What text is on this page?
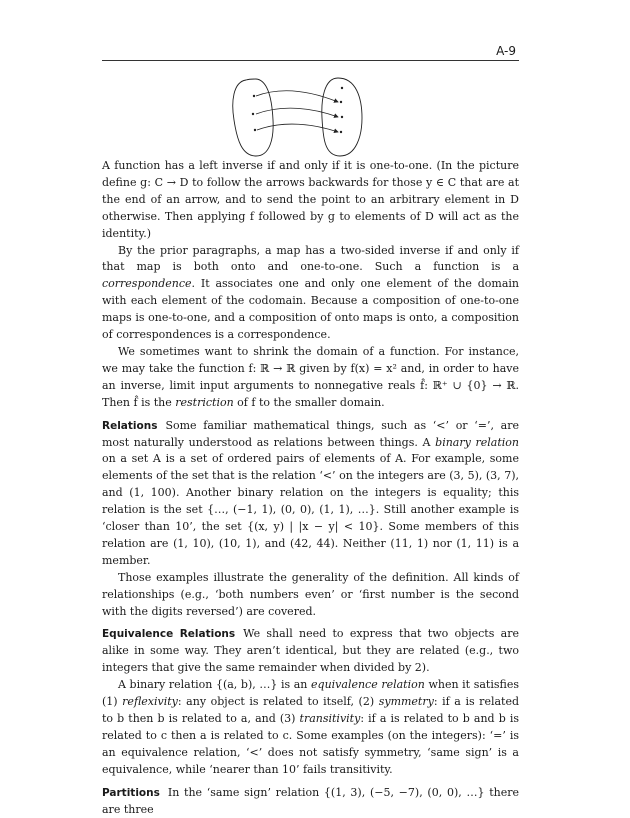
A-9

A function has a left inverse if and only if it is one-to-one. (In the picture define g: C → D to follow the arrows backwards for those y ∈ C that are at the end of an arrow, and to send the point to an arbitrary element in D otherwise. Then applying f followed by g to elements of D will act as the identity.)

By the prior paragraphs, a map has a two-sided inverse if and only if that map is both onto and one-to-one. Such a function is a correspondence. It associates one and only one element of the domain with each element of the codomain. Because a composition of one-to-one maps is one-to-one, and a composition of onto maps is onto, a composition of correspondences is a correspondence.

We sometimes want to shrink the domain of a function. For instance, we may take the function f: ℝ → ℝ given by f(x) = x² and, in order to have an inverse, limit input arguments to nonnegative reals f̂: ℝ⁺ ∪ {0} → ℝ. Then f̂ is the restriction of f to the smaller domain.

Relations Some familiar mathematical things, such as ‘<’ or ‘=’, are most naturally understood as relations between things. A binary relation on a set A is a set of ordered pairs of elements of A. For example, some elements of the set that is the relation ‘<’ on the integers are (3, 5), (3, 7), and (1, 100). Another binary relation on the integers is equality; this relation is the set {…, (−1, 1), (0, 0), (1, 1), …}. Still another example is ‘closer than 10’, the set {(x, y) | |x − y| < 10}. Some members of this relation are (1, 10), (10, 1), and (42, 44). Neither (11, 1) nor (1, 11) is a member.

Those examples illustrate the generality of the definition. All kinds of relationships (e.g., ‘both numbers even’ or ‘first number is the second with the digits reversed’) are covered.

Equivalence Relations We shall need to express that two objects are alike in some way. They aren’t identical, but they are related (e.g., two integers that give the same remainder when divided by 2).

A binary relation {(a, b), …} is an equivalence relation when it satisfies (1) reflexivity: any object is related to itself, (2) symmetry: if a is related to b then b is related to a, and (3) transitivity: if a is related to b and b is related to c then a is related to c. Some examples (on the integers): ‘=’ is an equivalence relation, ‘<’ does not satisfy symmetry, ‘same sign’ is a equivalence, while ‘nearer than 10’ fails transitivity.

Partitions In the ‘same sign’ relation {(1, 3), (−5, −7), (0, 0), …} there are three
